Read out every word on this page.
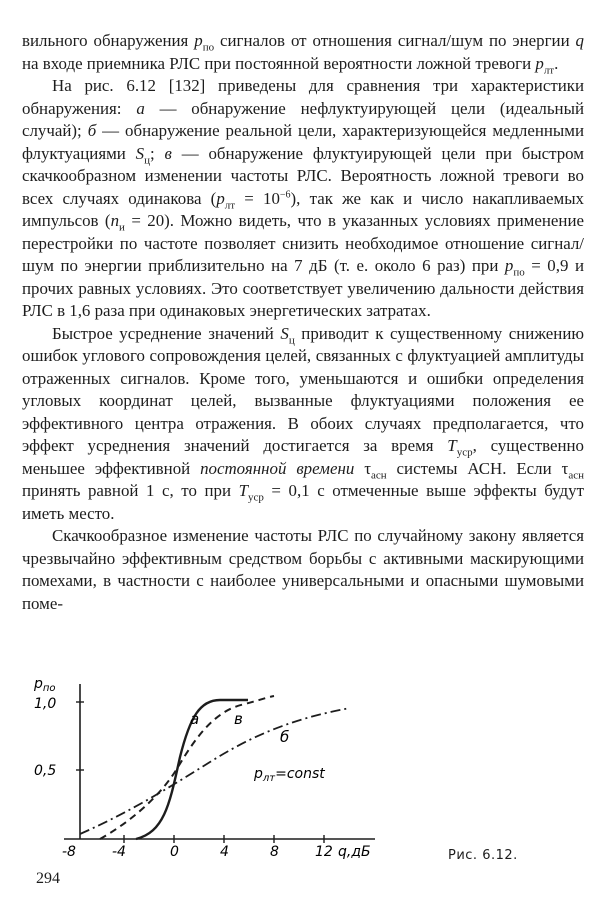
вильного обнаружения $p_{по}$ сигналов от отношения сигнал/шум по энергии q на входе приемника РЛС при постоянной вероятности ложной тревоги $p_{лт}$.

На рис. 6.12 [132] приведены для сравнения три характеристики обнаружения: а — обнаружение нефлуктуирующей цели (идеальный случай); б — обнаружение реальной цели, характеризующейся медленными флуктуациями $S_ц$; в — обнаружение флуктуирующей цели при быстром скачкообразном изменении частоты РЛС. Вероятность ложной тревоги во всех случаях одинакова $(p_{лт} = 10^{-6})$, так же как и число накапливаемых импульсов $(n_и = 20)$. Можно видеть, что в указанных условиях применение перестройки по частоте позволяет снизить необходимое отношение сигнал/шум по энергии приблизительно на 7 дБ (т. е. около 6 раз) при $p_{по} = 0,9$ и прочих равных условиях. Это соответствует увеличению дальности действия РЛС в 1,6 раза при одинаковых энергетических затратах.

Быстрое усреднение значений $S_ц$ приводит к существенному снижению ошибок углового сопровождения целей, связанных с флуктуацией амплитуды отраженных сигналов. Кроме того, уменьшаются и ошибки определения угловых координат целей, вызванные флуктуациями положения ее эффективного центра отражения. В обоих случаях предполагается, что эффект усреднения значений достигается за время $T_{уср}$, существенно меньшее эффективной постоянной времени $\tau_{асн}$ системы АСН. Если $\tau_{асн}$ принять равной 1 с, то при $T_{уср} = 0,1$ с отмеченные выше эффекты будут иметь место.

Скачкообразное изменение частоты РЛС по случайному закону является чрезвычайно эффективным средством борьбы с активными маскирующими помехами, в частности с наиболее универсальными и опасными шумовыми поме-

$p_{по}$
1,0
0,5
-8	-4	0	4	8	12 q,дБ
а в
б
$p_{лт}=const$
Рис. 6.12.
294
